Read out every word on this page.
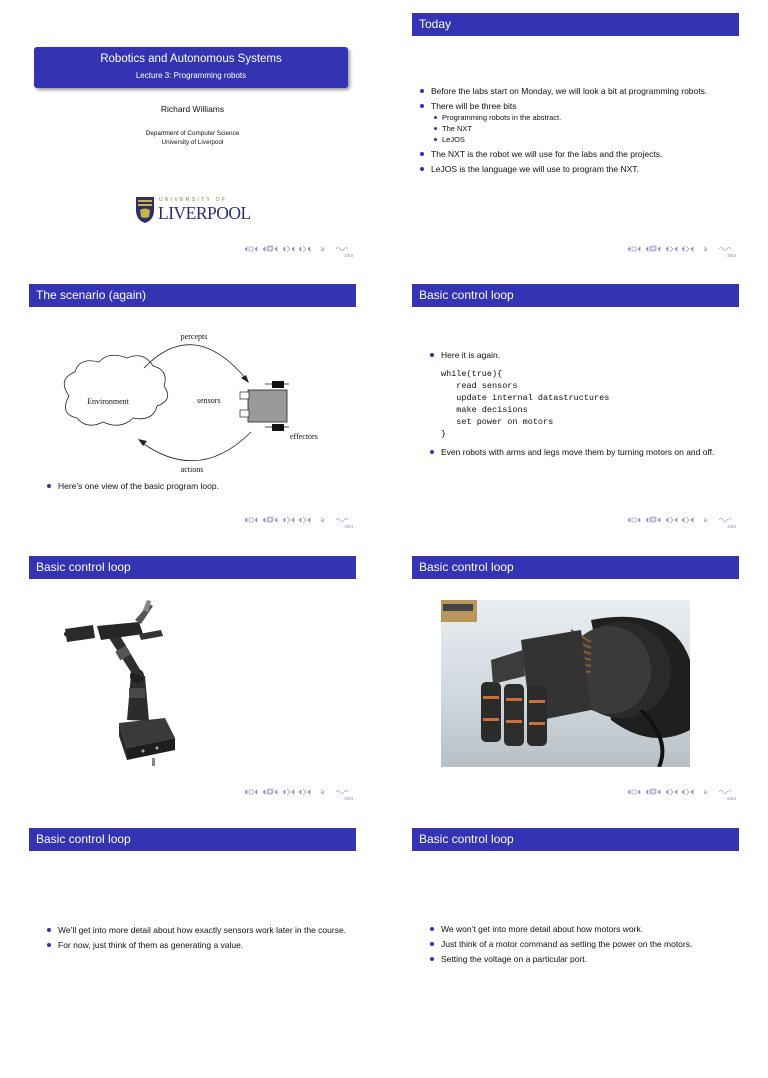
Robotics and Autonomous Systems
Lecture 3: Programming robots
Richard Williams
Department of Computer Science
University of Liverpool
UNIVERSITY OF
LIVERPOOL
1/54
Today
Before the labs start on Monday, we will look a bit at programming robots.
There will be three bits
Programming robots in the abstract.
The NXT
LeJOS
The NXT is the robot we will use for the labs and the projects.
LeJOS is the language we will use to program the NXT.
2/54
The scenario (again)
Environment
percepts
actions
sensors
effectors
Here’s one view of the basic program loop.
3/54
Basic control loop
Here it is again.
while(true){
read sensors
update internal datastructures
make decisions
set power on motors
}
Even robots with arms and legs move them by turning motors on and off.
4/54
Basic control loop
5/54
Basic control loop
6/54
Basic control loop
We’ll get into more detail about how exactly sensors work later in the course.
For now, just think of them as generating a value.
Basic control loop
We won’t get into more detail about how motors work.
Just think of a motor command as setting the power on the motors.
Setting the voltage on a particular port.
